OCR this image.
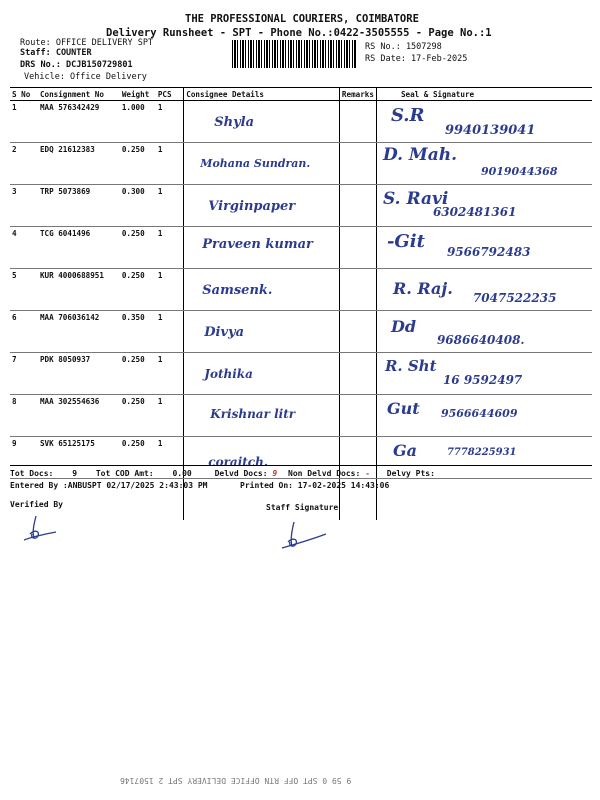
THE PROFESSIONAL COURIERS, COIMBATORE
Delivery Runsheet - SPT - Phone No.:0422-3505555 - Page No.:1
Route: OFFICE DELIVERY SPT
Staff: COUNTER
DRS No.: DCJB150729801
Vehicle: Office Delivery
RS No.: 1507298
RS Date: 17-Feb-2025
S No	Consignment No	Weight	PCS	Consignee Details	Remarks	Seal & Signature
1	MAA 576342429	1.000	1	Shyla		S.R
9940139041

2	EDQ 21612383	0.250	1	Mohana Sundran.		D. Mah.
9019044368

3	TRP 5073869	0.300	1	Virginpaper		S. Ravi
6302481361

4	TCG 6041496	0.250	1	Praveen kumar		-Git 9566792483

5	KUR 4000688951	0.250	1	Samsenk.		R. Raj. 7047522235

6	MAA 706036142	0.350	1	Divya		Dd
9686640408.

7	PDK 8050937	0.250	1	Jothika		R. Sht
16 9592497

8	MAA 302554636	0.250	1	Krishnar litr		Gut 9566644609

9	SVK 65125175	0.250	1	coraitch.		Ga 7778225931

Tot Docs: 9 Tot COD Amt: 0.00	Delvd Docs: 9 Non Delvd Docs: - Delvy Pts:
Entered By :ANBUSPT 02/17/2025 2:43:03 PM	Printed On: 17-02-2025 14:43:06
Verified By	Staff Signature
9 59 0 SPT OFF RTN OFFICE DELIVERY SPT 2 1507146
